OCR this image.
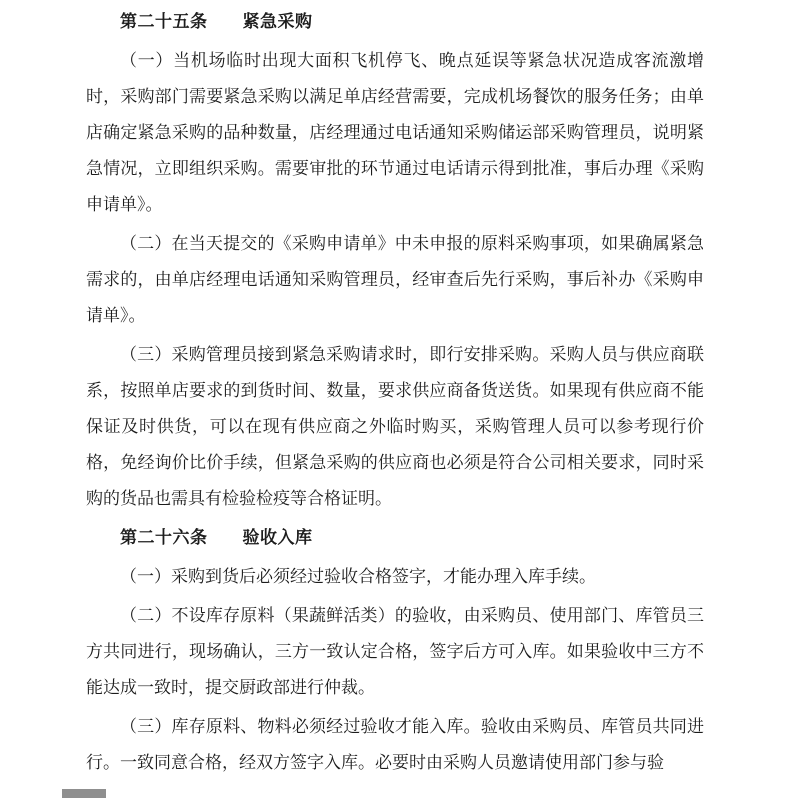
第二十五条　　紧急采购

（一）当机场临时出现大面积飞机停飞、晚点延误等紧急状况造成客流激增时，采购部门需要紧急采购以满足单店经营需要，完成机场餐饮的服务任务；由单店确定紧急采购的品种数量，店经理通过电话通知采购储运部采购管理员，说明紧急情况，立即组织采购。需要审批的环节通过电话请示得到批准，事后办理《采购申请单》。

（二）在当天提交的《采购申请单》中未申报的原料采购事项，如果确属紧急需求的，由单店经理电话通知采购管理员，经审查后先行采购，事后补办《采购申请单》。

（三）采购管理员接到紧急采购请求时，即行安排采购。采购人员与供应商联系，按照单店要求的到货时间、数量，要求供应商备货送货。如果现有供应商不能保证及时供货，可以在现有供应商之外临时购买，采购管理人员可以参考现行价格，免经询价比价手续，但紧急采购的供应商也必须是符合公司相关要求，同时采购的货品也需具有检验检疫等合格证明。

第二十六条　　验收入库

（一）采购到货后必须经过验收合格签字，才能办理入库手续。

（二）不设库存原料（果蔬鲜活类）的验收，由采购员、使用部门、库管员三方共同进行，现场确认，三方一致认定合格，签字后方可入库。如果验收中三方不能达成一致时，提交厨政部进行仲裁。

（三）库存原料、物料必须经过验收才能入库。验收由采购员、库管员共同进行。一致同意合格，经双方签字入库。必要时由采购人员邀请使用部门参与验
